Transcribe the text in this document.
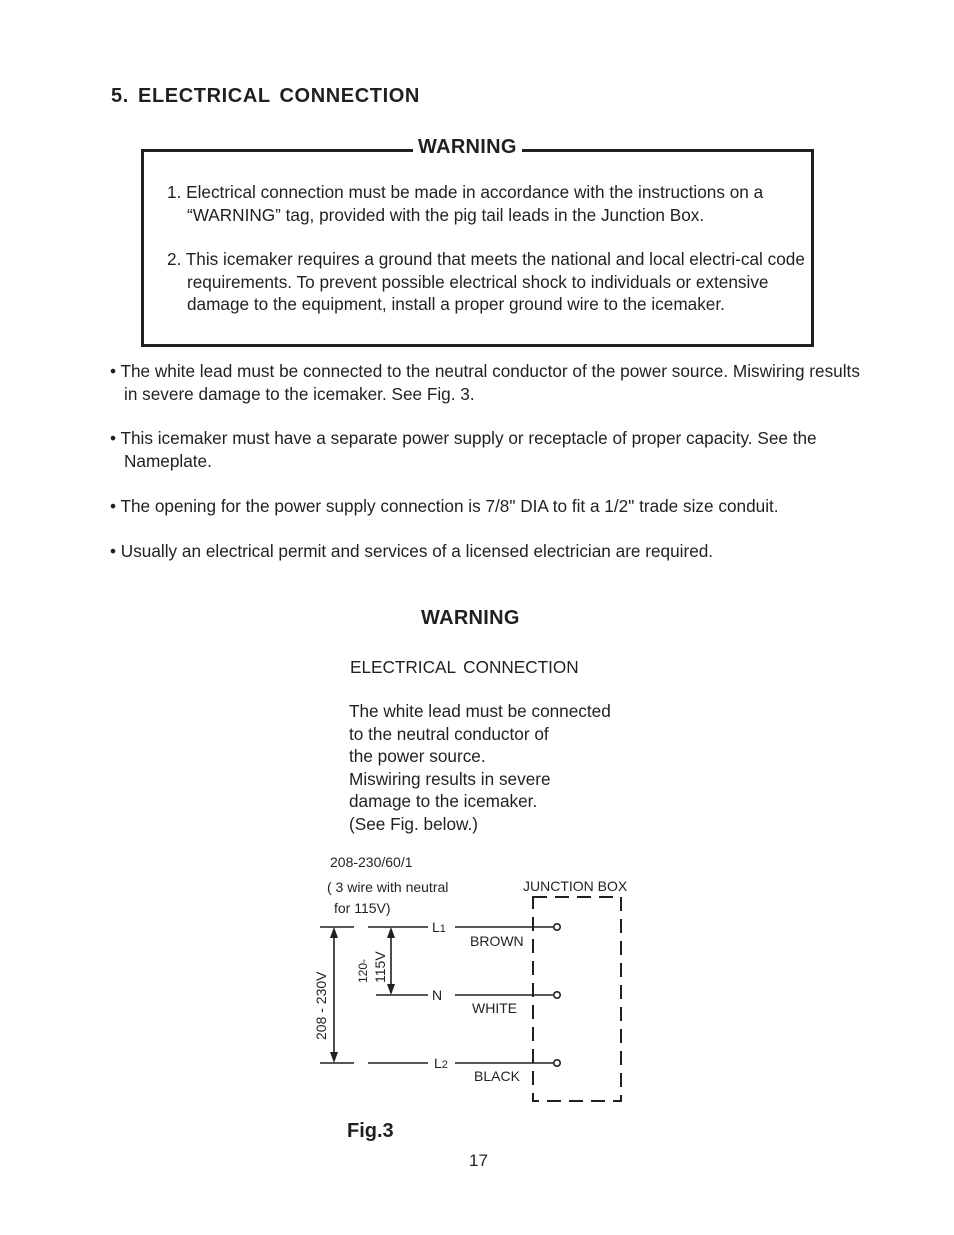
5. ELECTRICAL CONNECTION
WARNING
1. Electrical connection must be made in accordance with the instructions on a “WARNING” tag, provided with the pig tail leads in the Junction Box.
2. This icemaker requires a ground that meets the national and local electri-cal code requirements. To prevent possible electrical shock to individuals or extensive damage to the equipment, install a proper ground wire to the icemaker.
• The white lead must be connected to the neutral conductor of the power source. Miswiring results in severe damage to the icemaker. See Fig. 3.
• This icemaker must have a separate power supply or receptacle of proper capacity. See the Nameplate.
• The opening for the power supply connection is 7/8" DIA to fit a 1/2" trade size conduit.
• Usually an electrical permit and services of a licensed electrician are required.
WARNING
ELECTRICAL CONNECTION
The white lead must be connected
to the neutral conductor of
the power source.
Miswiring results in severe
damage to the icemaker.
(See Fig. below.)
208-230/60/1
( 3 wire with neutral
for 115V)
JUNCTION BOX
208 - 230V
120- 115V
L1
N
L2
BROWN
WHITE
BLACK
Fig.3
17
